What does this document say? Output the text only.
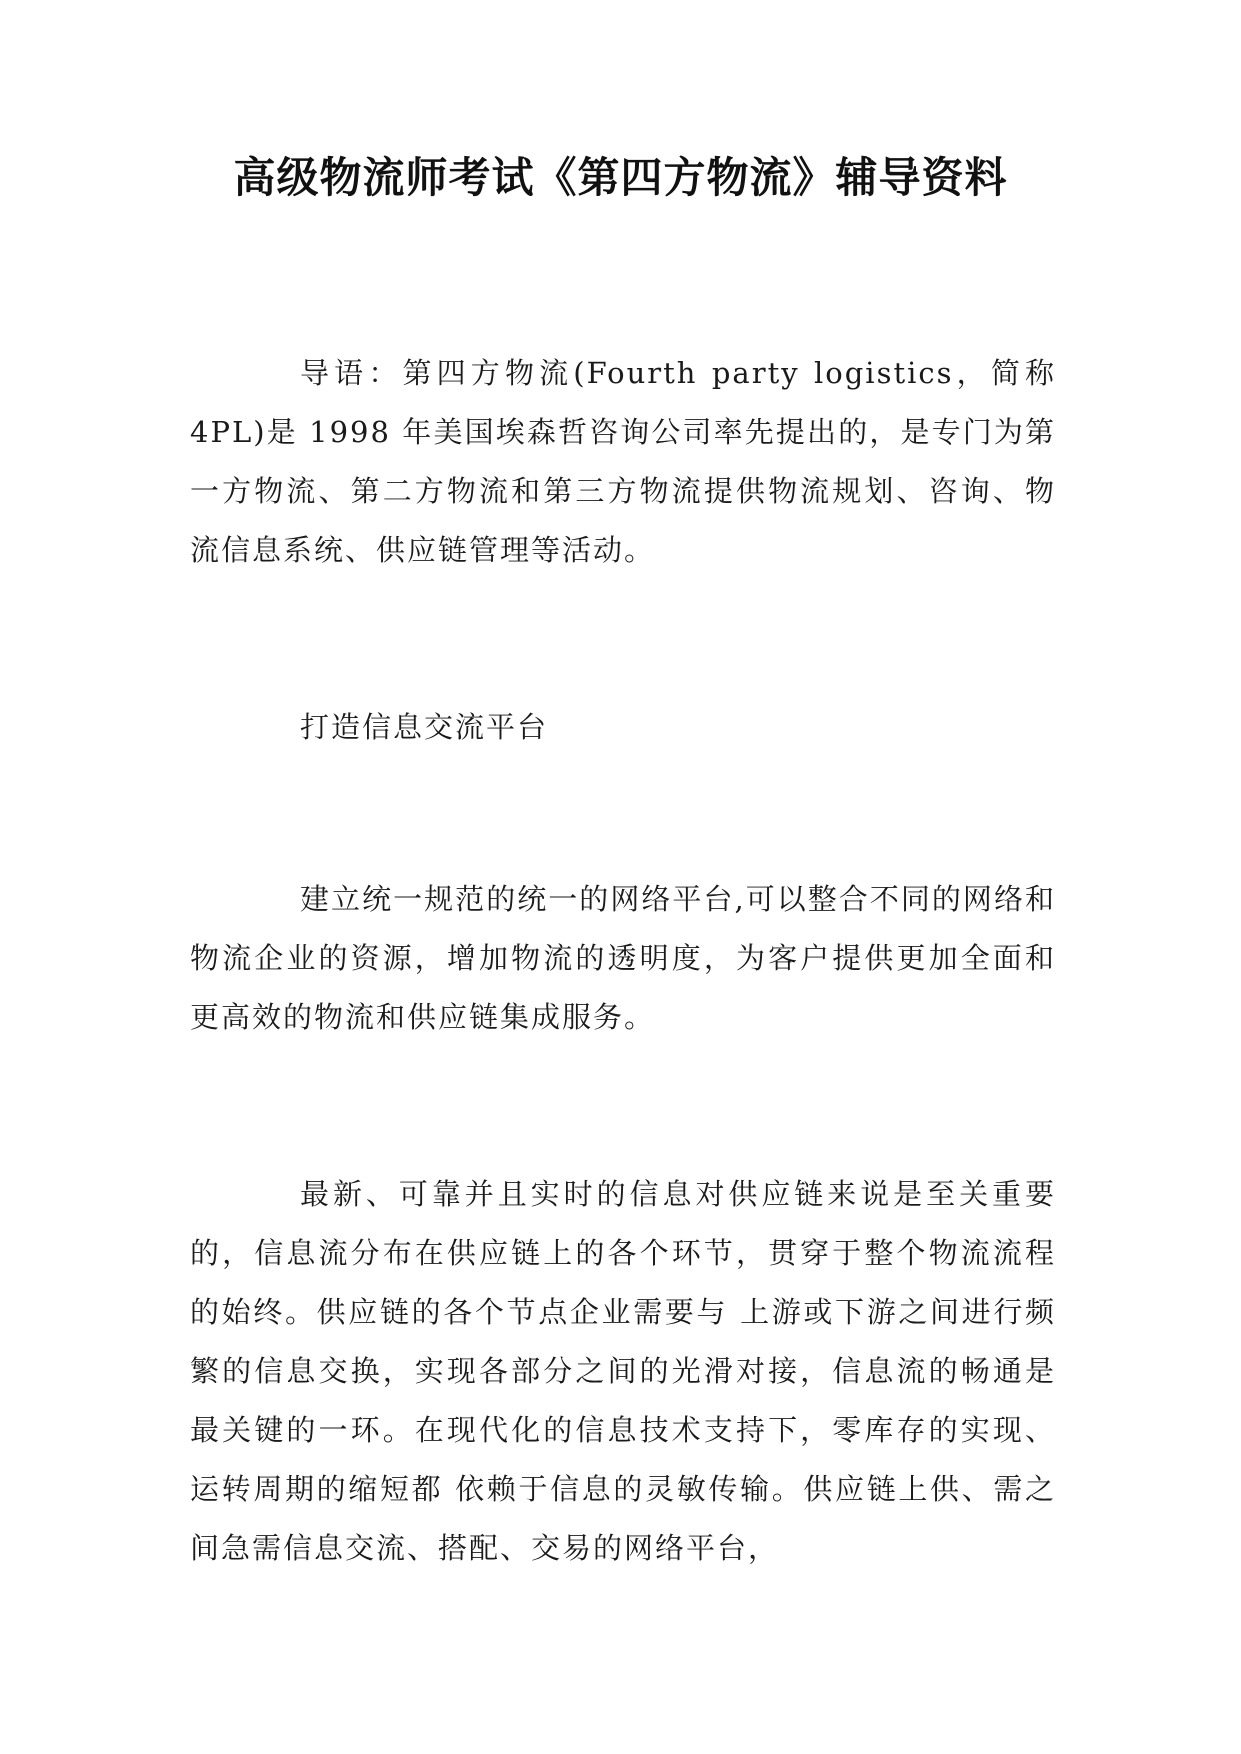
高级物流师考试《第四方物流》辅导资料

导语：第四方物流(Fourth party logistics，简称4PL)是 1998 年美国埃森哲咨询公司率先提出的，是专门为第一方物流、第二方物流和第三方物流提供物流规划、咨询、物流信息系统、供应链管理等活动。

打造信息交流平台

建立统一规范的统一的网络平台,可以整合不同的网络和物流企业的资源，增加物流的透明度，为客户提供更加全面和更高效的物流和供应链集成服务。

最新、可靠并且实时的信息对供应链来说是至关重要的，信息流分布在供应链上的各个环节，贯穿于整个物流流程的始终。供应链的各个节点企业需要与 上游或下游之间进行频繁的信息交换，实现各部分之间的光滑对接，信息流的畅通是最关键的一环。在现代化的信息技术支持下，零库存的实现、运转周期的缩短都 依赖于信息的灵敏传输。供应链上供、需之间急需信息交流、搭配、交易的网络平台，
